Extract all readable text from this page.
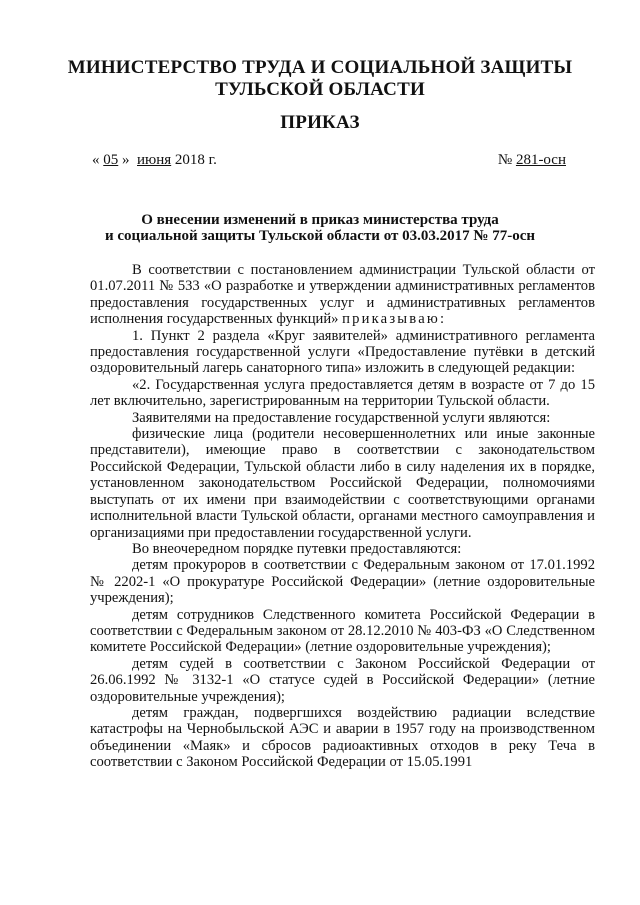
МИНИСТЕРСТВО ТРУДА И СОЦИАЛЬНОЙ ЗАЩИТЫ ТУЛЬСКОЙ ОБЛАСТИ
ПРИКАЗ
« 05 » июня 2018 г.	№ 281-осн
О внесении изменений в приказ министерства труда
и социальной защиты Тульской области от 03.03.2017 № 77-осн

В соответствии с постановлением администрации Тульской области от 01.07.2011 № 533 «О разработке и утверждении административных регламентов предоставления государственных услуг и административных регламентов исполнения государственных функций» приказываю:

1. Пункт 2 раздела «Круг заявителей» административного регламента предоставления государственной услуги «Предоставление путёвки в детский оздоровительный лагерь санаторного типа» изложить в следующей редакции:

«2. Государственная услуга предоставляется детям в возрасте от 7 до 15 лет включительно, зарегистрированным на территории Тульской области.

Заявителями на предоставление государственной услуги являются:

физические лица (родители несовершеннолетних или иные законные представители), имеющие право в соответствии с законодательством Российской Федерации, Тульской области либо в силу наделения их в порядке, установленном законодательством Российской Федерации, полномочиями выступать от их имени при взаимодействии с соответствующими органами исполнительной власти Тульской области, органами местного самоуправления и организациями при предоставлении государственной услуги.

Во внеочередном порядке путевки предоставляются:

детям прокуроров в соответствии с Федеральным законом от 17.01.1992 № 2202-1 «О прокуратуре Российской Федерации» (летние оздоровительные учреждения);

детям сотрудников Следственного комитета Российской Федерации в соответствии с Федеральным законом от 28.12.2010 № 403-ФЗ «О Следственном комитете Российской Федерации» (летние оздоровительные учреждения);

детям судей в соответствии с Законом Российской Федерации от 26.06.1992 № 3132-1 «О статусе судей в Российской Федерации» (летние оздоровительные учреждения);

детям граждан, подвергшихся воздействию радиации вследствие катастрофы на Чернобыльской АЭС и аварии в 1957 году на производственном объединении «Маяк» и сбросов радиоактивных отходов в реку Теча в соответствии с Законом Российской Федерации от 15.05.1991
